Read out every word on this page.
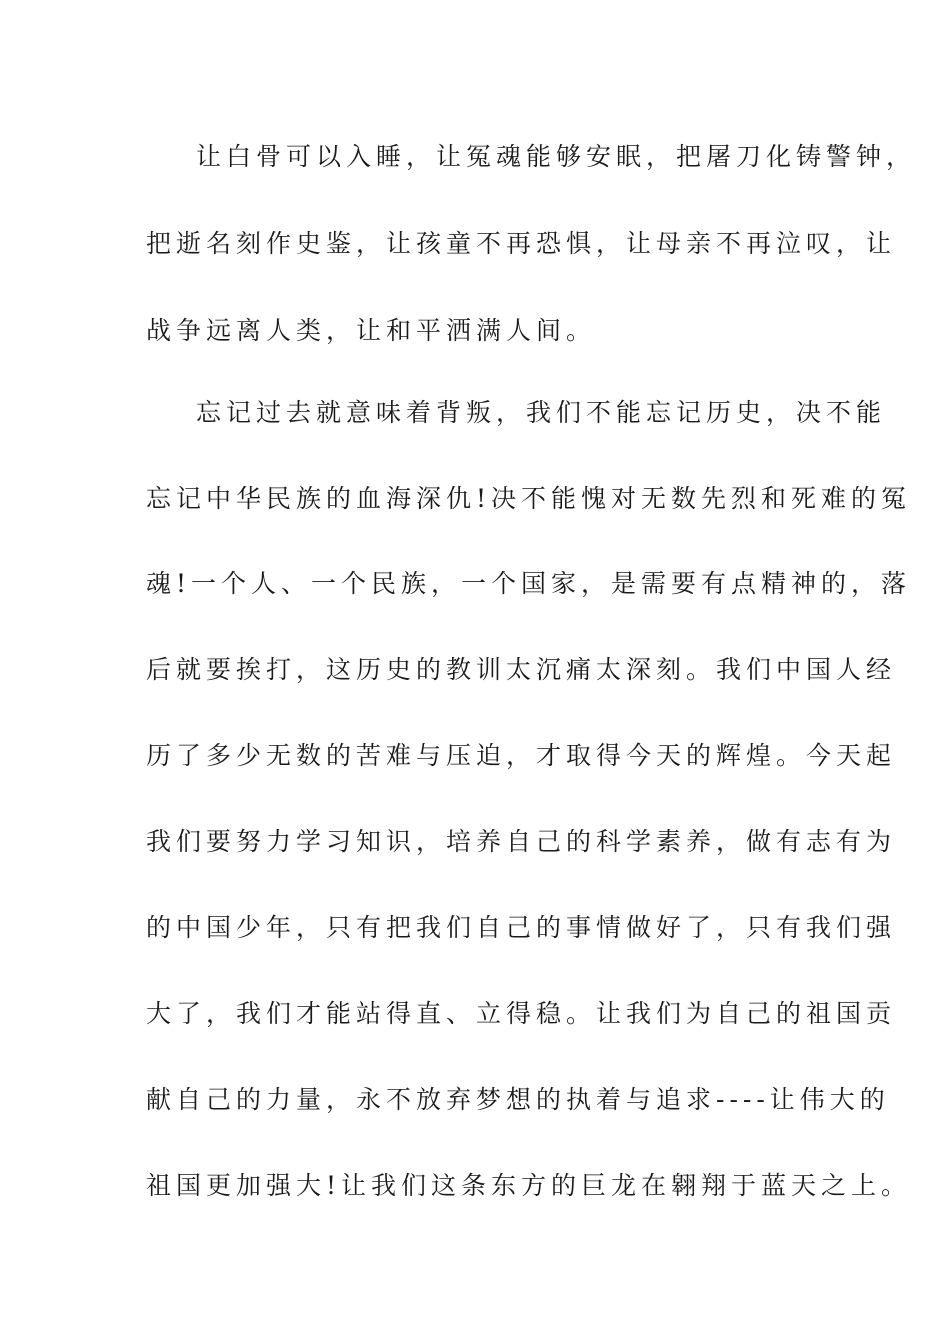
让白骨可以入睡，让冤魂能够安眠，把屠刀化铸警钟，

把逝名刻作史鉴，让孩童不再恐惧，让母亲不再泣叹，让

战争远离人类，让和平洒满人间。

忘记过去就意味着背叛，我们不能忘记历史，决不能

忘记中华民族的血海深仇!决不能愧对无数先烈和死难的冤

魂!一个人、一个民族，一个国家，是需要有点精神的，落

后就要挨打，这历史的教训太沉痛太深刻。我们中国人经

历了多少无数的苦难与压迫，才取得今天的辉煌。今天起

我们要努力学习知识，培养自己的科学素养，做有志有为

的中国少年，只有把我们自己的事情做好了，只有我们强

大了，我们才能站得直、立得稳。让我们为自己的祖国贡

献自己的力量，永不放弃梦想的执着与追求----让伟大的

祖国更加强大!让我们这条东方的巨龙在翱翔于蓝天之上。
